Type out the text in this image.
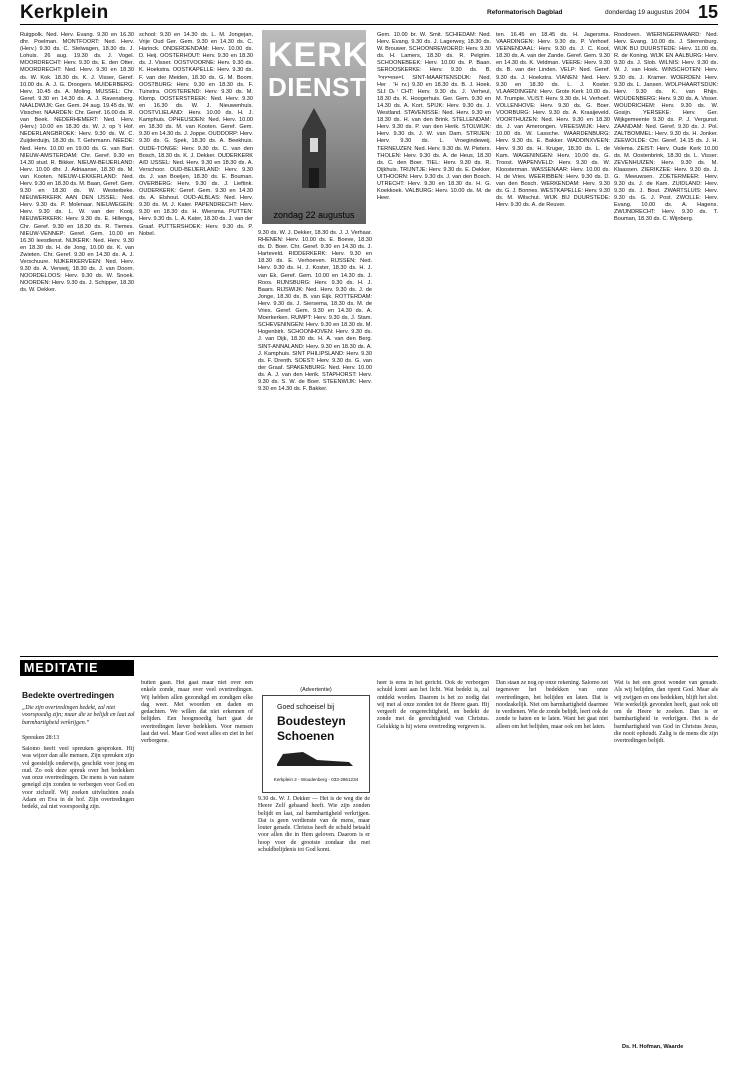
Kerkplein	Reformatorisch Dagblad	donderdag 19 augustus 2004 15

Ruigpolk. Ned. Herv. Evang. 9.30 en 16.30 dhr. Poelman. MONTFOORT: Ned. Herv. (Herv.) 9.30 ds. C. Stelwagen, 18.30 ds. J. Lohuis. 26 aug. 19.30 ds. J. Vogel. MOORDRECHT: Herv. 9.30 ds. E. den Otter. MOORDRECHT: Ned. Herv. 9.30 en 18.30 ds. W. Kok. 18.30 ds. K. J. Visser, Geref. 10.00 ds. A. J. G. Droogers. MUIDERBERG: Herv. 10.45 ds. A. Moling. MUSSEL: Chr. Geref. 9.30 en 14.30 ds. A. J. Ravensberg. NAALDWIJK: Ger. Gem. 24 aug. 19.45 ds. W. Visscher. NAARDEN: Chr. Geref. 16.00 ds. R. van Beek. NEDERHEMERT: Ned. Herv. (Herv.) 10.00 en 18.30 ds. W. J. op 't Hof. NEDERLANGBROEK: Herv. 9.30 ds. W. C. Zuijderduijn, 18.30 ds. T. Gehrmann. NEEDE: Ned. Herv. 10.00 en 19.00 ds. G. van Bart. NIEUW-AMSTERDAM: Chr. Geref. 9.30 en 14.30 stud. R. Bikker. NIEUW-BEIJERLAND: Herv. 10.00 dhr. J. Adriaanse, 18.30 ds. M. van Kooten. NIEUW-LEKKERLAND: Ned. Herv. 9.30 en 18.30 ds. M. Baan, Geref. Gem. 9.30 en 18.30 ds. W. Westerbeke. NIEUWERKERK AAN DEN IJSSEL: Ned. Herv. 9.30 ds. P. Molenaar. NIEUWEGEIN: Herv. 9.30 ds. L. W. van der Kooij. NIEUWERKERK: Herv. 9.30 ds. E. Hillenga, Chr. Geref. 9.30 en 18.30 ds. R. Tiemes. NIEUW-VENNEP: Geref. Gem. 10.00 en 16.30 leesdienst. NIJKERK: Ned. Herv. 9.30 en 18.30 ds. H. de Jong, 10.00 ds. K. van Zwieten. Chr. Geref. 9.30 en 14.30 ds. A. J. Verschuure. NIJKERKERVEEN: Ned. Herv. 9.30 ds. A. Verweij, 18.30 ds. J. van Doorn. NOORDELOOS: Herv. 9.30 ds. W. Snoek. NOORDEN: Herv. 9.30 ds. J. Schipper, 18.30 ds. W. Dekker.

school: 9.30 en 14.30 ds. L. M. Jongejan, Vrije Oud Ger. Gem. 9.30 en 14.30 ds. C. Harinck. ONDERDENDAM: Herv. 10.00 ds. D. Heij. OOSTERHOUT: Herv. 9.30 en 18.30 ds. J. Visser. OOSTVOORNE: Herv. 9.30 ds. K. Hoekstra. OOSTKAPELLE: Herv. 9.30 ds. F. van der Meiden, 18.30 ds. G. M. Boom. OOSTBURG: Herv. 9.30 en 18.30 ds. F. Tuinstra. OOSTEREND: Herv. 9.30 ds. M. Klomp. OOSTERSTREEK: Ned. Herv. 9.30 en 16.30 ds. W. J. Nieuwenhuis. OOSTVLIELAND: Herv. 10.00 ds. H. J. Kamphuis. OPHEUSDEN: Ned. Herv. 10.00 en 18.30 ds. M. van Kooten. Geref. Gem. 9.30 en 14.30 ds. J. Joppe. OUDDORP: Herv. 9.30 ds. G. Spek, 18.30 ds. A. Beekhuis. OUDE-TONGE: Herv. 9.30 ds. C. van den Bosch, 18.30 ds. K. J. Dekker. OUDERKERK A/D IJSSEL: Ned. Herv. 9.30 en 18.30 ds. A. Verschoor. OUD-BEIJERLAND: Herv. 9.30 ds. J. van Boeijen, 18.30 ds. E. Bouman. OVERBERG: Herv. 9.30 ds. J. Lieftink. OUDERKERK: Geref. Gem. 9.30 en 14.30 ds. A. Elshout. OUD-ALBLAS: Ned. Herv. 9.30 ds. M. J. Kater. PAPENDRECHT: Herv. 9.30 en 18.30 ds. H. Wiersma. PUTTEN: Herv. 9.30 ds. L. A. Kater, 18.30 ds. J. van der Graaf. PUTTERSHOEK: Herv. 9.30 ds. P. Nobel.	9.30 ds. W. J. Dekker, 18.30 ds. J. J. Verhaar. RHENEN: Herv. 10.00 ds. E. Boeve, 18.30 ds. D. Boer. Chr. Geref. 9.30 en 14.30 ds. J. Harteveld. RIDDERKERK: Herv. 9.30 en 18.30 ds. E. Verhoeven. RIJSSEN: Ned. Herv. 9.30 ds. H. J. Koster, 18.30 ds. H. J. van Ek. Geref. Gem. 10.00 en 14.30 ds. J. Roos. RIJNSBURG: Herv. 9.30 ds. H. J. Baars. RIJSWIJK: Ned. Herv. 9.30 ds. J. de Jonge, 18.30 ds. B. van Eijk. ROTTERDAM: Herv. 9.30 ds. J. Siersema, 18.30 ds. M. de Vries. Geref. Gem. 9.30 en 14.30 ds. A. Moerkerken. RUMPT: Herv. 9.30 ds. J. Stam. SCHEVENINGEN: Herv. 9.30 en 18.30 ds. M. Hogenbirk. SCHOONHOVEN: Herv. 9.30 ds. J. van Dijk, 18.30 ds. H. A. van den Berg. SINT-ANNALAND: Herv. 9.30 en 18.30 ds. A. J. Kamphuis. SINT PHILIPSLAND: Herv. 9.30 ds. F. Drenth. SOEST: Herv. 9.30 ds. G. van der Graaf. SPAKENBURG: Ned. Herv. 10.00 ds. A. J. van den Herik. STAPHORST: Herv. 9.30 ds. S. W. de Boer. STEENWIJK: Herv. 9.30 en 14.30 ds. F. Bakker.

Gem. 10.00 br. W. Smit. SCHIEDAM: Ned. Herv. Evang. 9.30 ds. J. Lagerwey, 18.30 ds. W. Brouwer. SCHOONREWOERD: Herv. 9.30 ds. H. Lamers, 18.30 ds. R. Pelgrim. SCHOONEBEEK: Herv. 10.00 ds. P. Baan. SEROOSKERKE: Herv. 9.30 ds. B. Jongeneel. SINT-MAARTENSDIJK: Ned. Herv. (Herv.) 9.30 en 18.30 ds. B. J. Hoek. SLIEDRECHT: Herv. 9.30 ds. J. Verheul, 18.30 ds. K. Hoogerhuis. Ger. Gem. 9.30 en 14.30 ds. A. Kort. SPIJK: Herv. 9.30 ds. J. Westland. STAVENISSE: Ned. Herv. 9.30 en 18.30 ds. H. van den Brink. STELLENDAM: Herv. 9.30 ds. P. van den Herik. STOLWIJK: Herv. 9.30 ds. J. W. van Dam. STRIJEN: Herv. 9.30 ds. L. Vroegindeweij. TERNEUZEN: Ned. Herv. 9.30 ds. W. Pieters. THOLEN: Herv. 9.30 ds. A. de Heus, 18.30 ds. C. den Boer. TIEL: Herv. 9.30 ds. R. Dijkhuis. TRIJNTJE: Herv. 9.30 ds. E. Dekker. UITHOORN: Herv. 9.30 ds. J. van den Bosch. UTRECHT: Herv. 9.30 en 18.30 ds. H. G. Koekkoek. VALBURG: Herv. 10.00 ds. M. de Heer.

ten. 16.45 en 18.45 ds. H. Jagersma. VAARDINGEN: Herv. 9.30 ds. P. Verhoef. VEENENDAAL: Herv. 9.30 ds. J. C. Koot, 18.30 ds. A. van der Zande. Geref. Gem. 9.30 en 14.30 ds. K. Veldman. VEERE: Herv. 9.30 ds. B. van der Linden. VELP: Ned. Geref. 9.30 ds. J. Hoekstra. VIANEN: Ned. Herv. 9.30 en 18.30 ds. L. J. Koster. VLAARDINGEN: Herv. Grote Kerk 10.00 ds. M. Trumpie. VLIST: Herv. 9.30 ds. H. Verhoef. VOLLENHOVE: Herv. 9.30 ds. G. Boer. VOORBURG: Herv. 9.30 ds. A. Kraaijeveld. VOORTHUIZEN: Ned. Herv. 9.30 en 18.30 ds. J. van Amerongen. VREESWIJK: Herv. 10.00 ds. W. Lassche. WAARDENBURG: Herv. 9.30 ds. E. Bakker. WADDINXVEEN: Herv. 9.30 ds. H. Kruger, 18.30 ds. L. de Kam. WAGENINGEN: Herv. 10.00 ds. G. Troost. WAPENVELD: Herv. 9.30 ds. W. Kloosterman. WASSENAAR: Herv. 10.00 ds. H. de Vries. WEERIBBEN: Herv. 9.30 ds. D. van den Bosch. WERKENDAM: Herv. 9.30 ds. G. J. Bonnes. WESTKAPELLE: Herv. 9.30 ds. M. Wilschut. WIJK BIJ DUURSTEDE: Herv. 9.30 ds. A. de Reuver.

Roodoven. WIERINGERWAARD: Ned. Herv. Evang. 10.00 ds. J. Sterrenburg. WIJK BIJ DUURSTEDE: Herv. 11.00 ds. R. de Koning. WIJK EN AALBURG: Herv. 9.30 ds. J. Slob. WILNIS: Herv. 9.30 ds. W. J. van Hoek. WINSCHOTEN: Herv. 9.30 ds. J. Kramer. WOERDEN: Herv. 9.30 ds. L. Jansen. WOLPHAARTSDIJK: Herv. 9.30 ds. K. van Rhijn. WOUDENBERG: Herv. 9.30 ds. A. Visser. WOUDRICHEM: Herv. 9.30 ds. W. Gosijn. YERSEKE: Herv. Ger. Wijkgemeente 9.30 ds. P. J. Vergunst. ZAANDAM: Ned. Geref. 9.30 ds. J. Pol. ZALTBOMMEL: Herv. 9.30 ds. H. Jonker. ZEEWOLDE: Chr. Geref. 14.15 ds. J. H. Velema. ZEIST: Herv. Oude Kerk 10.00 ds. M. Oostenbrink, 18.30 ds. L. Visser. ZEVENHUIZEN: Herv. 9.30 ds. M. Klaassen. ZIERIKZEE: Herv. 9.30 ds. J. G. Meeuwsen. ZOETERMEER: Herv. 9.30 ds. J. de Kam. ZUIDLAND: Herv. 9.30 ds. J. Bout. ZWARTSLUIS: Herv. 9.30 ds. G. J. Post. ZWOLLE: Herv. Evang. 10.00 ds. A. Hagens. ZWIJNDRECHT: Herv. 9.30 ds. T. Bouman, 18.30 ds. C. Wijnberg.

KERK
DIENSTEN
zondag 22 augustus
(Advertentie)
Goed schoeisel bij
Boudesteyn
Schoenen
Kerkplein 2 - Woudenberg - 033-2861234
MEDITATIE
Bedekte overtredingen
„Die zijn overtredingen bedekt, zal niet voorspoedig zijn; maar die ze belijdt en laat zal barmhartigheid verkrijgen.”
Spreuken 28:13
Salomo heeft veel spreuken gesproken. Hij was wijzer dan alle mensen. Zijn spreuken zijn vol geestelijk onderwijs, geschikt voor jong en oud. Zo ook deze spreuk over het bedekken van onze overtredingen. De mens is van nature geneigd zijn zonden te verbergen voor God en voor zichzelf. Wij zoeken uitvluchten zoals Adam en Eva in de hof. Zijn overtredingen bedekt, zal niet voorspoedig zijn.
buiten gaan. Het gaat maar niet over een enkele zonde, maar over veel overtredingen. Wij hebben allen gezondigd en zondigen elke dag weer. Met woorden en daden en gedachten. We willen dat niet erkennen of belijden. Een hoogmoedig hart gaat de overtredingen liever bedekken. Voor mensen laat dat wel. Maar God weet alles en ziet in het verborgene.
9.30 ds. W. J. Dekker — Het is de weg die de Heere Zelf gebaand heeft. Wie zijn zonden belijdt en laat, zal barmhartigheid verkrijgen. Dat is geen verdienste van de mens, maar louter genade. Christus heeft de schuld betaald voor allen die in Hem geloven. Daarom is er hoop voor de grootste zondaar die met schuldbelijdenis tot God komt.
heer is eens in het gericht. Ook de verborgen schuld komt aan het licht. Wat bedekt is, zal ontdekt worden. Daarom is het zo nodig dat wij met al onze zonden tot de Heere gaan. Hij vergeeft de ongerechtigheid, en bedekt de zonde met de gerechtigheid van Christus. Gelukkig is hij wiens overtreding vergeven is.
Dan staan ze nog op onze rekening. Salomo zet tegenover het bedekken van onze overtredingen, het belijden en laten. Dat is noodzakelijk. Niet om barmhartigheid daarmee te verdienen. Wie de zonde belijdt, leert ook de zonde te haten en te laten. Want het gaat niet alleen om het belijden, maar ook om het laten.
Wat is het een groot wonder van genade. Als wij belijden, dan opent God. Maar als wij zwijgen en ons bedekken, blijft het slot. Wie werkelijk gevonden heeft, gaat ook uit om de Heere te zoeken. Dan is er barmhartigheid te verkrijgen. Het is de barmhartigheid van God in Christus Jezus, die nooit ophoudt. Zalig is de mens die zijn overtredingen belijdt.
Ds. H. Hofman, Waarde
